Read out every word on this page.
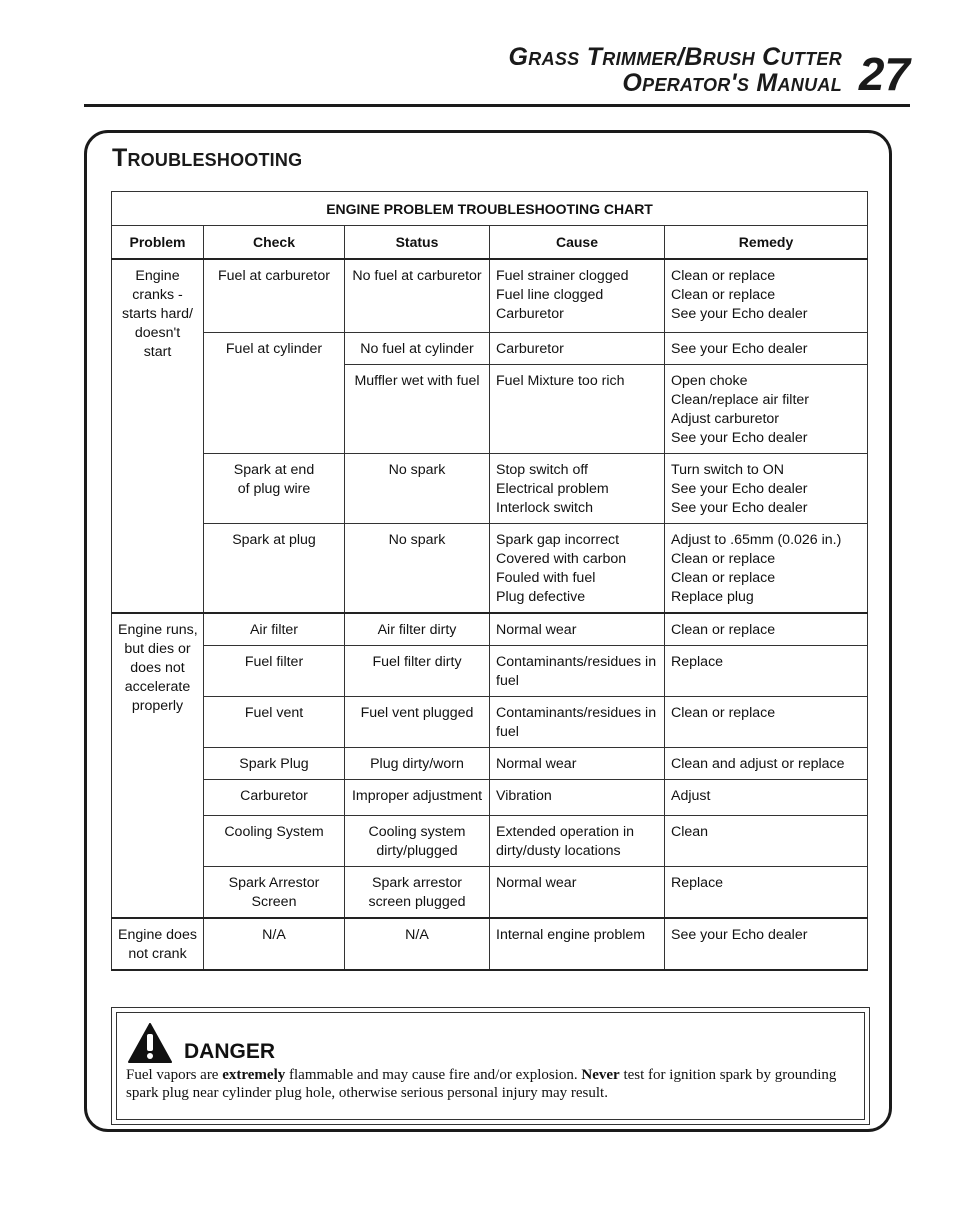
Grass Trimmer/Brush Cutter
Operator's Manual 27
Troubleshooting
ENGINE PROBLEM TROUBLESHOOTING CHART				
Problem	Check	Status	Cause	Remedy

Engine
cranks -
starts hard/
doesn't
start	Fuel at carburetor	No fuel at carburetor	Fuel strainer clogged
Fuel line clogged
Carburetor	Clean or replace
Clean or replace
See your Echo dealer

	Fuel at cylinder	No fuel at cylinder	Carburetor	See your Echo dealer

		Muffler wet with fuel	Fuel Mixture too rich	Open choke
Clean/replace air filter
Adjust carburetor
See your Echo dealer

	Spark at end
of plug wire	No spark	Stop switch off
Electrical problem
Interlock switch	Turn switch to ON
See your Echo dealer
See your Echo dealer

	Spark at plug	No spark	Spark gap incorrect
Covered with carbon
Fouled with fuel
Plug defective	Adjust to .65mm (0.026 in.)
Clean or replace
Clean or replace
Replace plug

Engine runs,
but dies or
does not
accelerate
properly	Air filter	Air filter dirty	Normal wear	Clean or replace

	Fuel filter	Fuel filter dirty	Contaminants/residues in fuel	Replace

	Fuel vent	Fuel vent plugged	Contaminants/residues in fuel	Clean or replace

	Spark Plug	Plug dirty/worn	Normal wear	Clean and adjust or replace

	Carburetor	Improper adjustment	Vibration	Adjust

	Cooling System	Cooling system
dirty/plugged	Extended operation in
dirty/dusty locations	Clean

	Spark Arrestor
Screen	Spark arrestor
screen plugged	Normal wear	Replace

Engine does
not crank	N/A	N/A	Internal engine problem	See your Echo dealer
DANGER
Fuel vapors are extremely flammable and may cause fire and/or explosion. Never test for ignition spark by grounding spark plug near cylinder plug hole, otherwise serious personal injury may result.
